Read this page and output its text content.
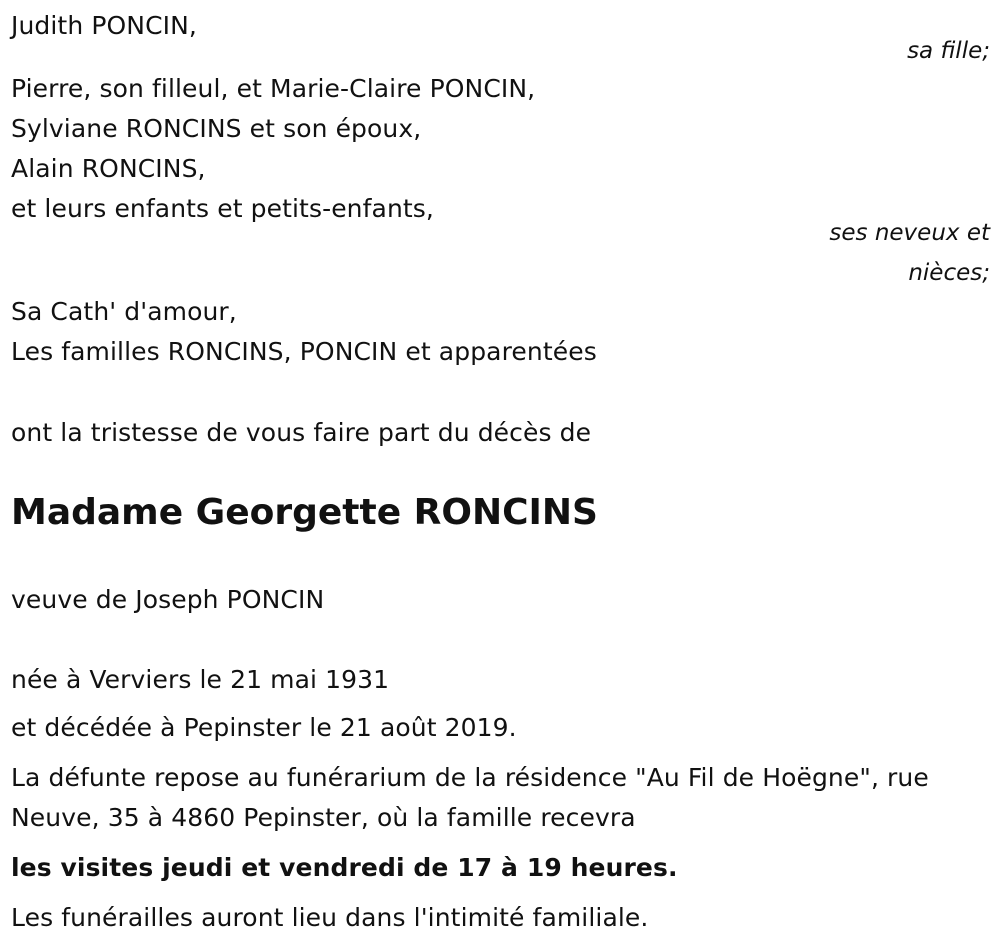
Judith PONCIN,
sa fille;
Pierre, son filleul, et Marie-Claire PONCIN,
Sylviane RONCINS et son époux,
Alain RONCINS,
et leurs enfants et petits-enfants,
ses neveux et
nièces;
Sa Cath' d'amour,
Les familles RONCINS, PONCIN et apparentées
ont la tristesse de vous faire part du décès de
Madame Georgette RONCINS
veuve de Joseph PONCIN
née à Verviers le 21 mai 1931
et décédée à Pepinster le 21 août 2019.
La défunte repose au funérarium de la résidence "Au Fil de Hoëgne", rue
Neuve, 35 à 4860 Pepinster, où la famille recevra
les visites jeudi et vendredi de 17 à 19 heures.
Les funérailles auront lieu dans l'intimité familiale.
